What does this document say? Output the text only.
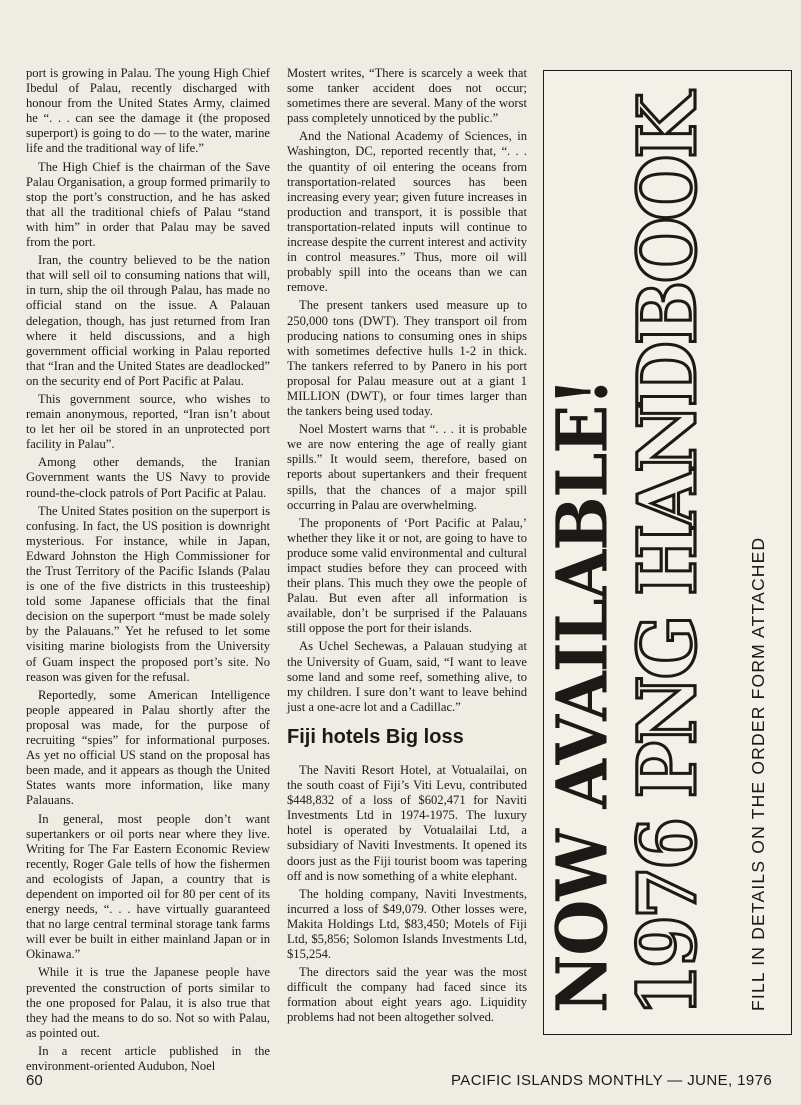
port is growing in Palau. The young High Chief Ibedul of Palau, recently discharged with honour from the United States Army, claimed he “. . . can see the damage it (the proposed superport) is going to do — to the water, marine life and the traditional way of life.”

The High Chief is the chairman of the Save Palau Organisation, a group formed primarily to stop the port’s construction, and he has asked that all the traditional chiefs of Palau “stand with him” in order that Palau may be saved from the port.

Iran, the country believed to be the nation that will sell oil to consuming nations that will, in turn, ship the oil through Palau, has made no official stand on the issue. A Palauan delegation, though, has just returned from Iran where it held discussions, and a high government official working in Palau reported that “Iran and the United States are deadlocked” on the security end of Port Pacific at Palau.

This government source, who wishes to remain anonymous, reported, “Iran isn’t about to let her oil be stored in an unprotected port facility in Palau”.

Among other demands, the Iranian Government wants the US Navy to provide round-the-clock patrols of Port Pacific at Palau.

The United States position on the superport is confusing. In fact, the US position is downright mysterious. For instance, while in Japan, Edward Johnston the High Commissioner for the Trust Territory of the Pacific Islands (Palau is one of the five districts in this trusteeship) told some Japanese officials that the final decision on the superport “must be made solely by the Palauans.” Yet he refused to let some visiting marine biologists from the University of Guam inspect the proposed port’s site. No reason was given for the refusal.

Reportedly, some American Intelligence people appeared in Palau shortly after the proposal was made, for the purpose of recruiting “spies” for informational purposes. As yet no official US stand on the proposal has been made, and it appears as though the United States wants more information, like many Palauans.

In general, most people don’t want supertankers or oil ports near where they live. Writing for The Far Eastern Economic Review recently, Roger Gale tells of how the fishermen and ecologists of Japan, a country that is dependent on imported oil for 80 per cent of its energy needs, “. . . have virtually guaranteed that no large central terminal storage tank farms will ever be built in either mainland Japan or in Okinawa.”

While it is true the Japanese people have prevented the construction of ports similar to the one proposed for Palau, it is also true that they had the means to do so. Not so with Palau, as pointed out.

In a recent article published in the environment-oriented Audubon, Noel

Mostert writes, “There is scarcely a week that some tanker accident does not occur; sometimes there are several. Many of the worst pass completely unnoticed by the public.”

And the National Academy of Sciences, in Washington, DC, reported recently that, “. . . the quantity of oil entering the oceans from transportation-related sources has been increasing every year; given future increases in production and transport, it is possible that transportation-related inputs will continue to increase despite the current interest and activity in control measures.” Thus, more oil will probably spill into the oceans than we can remove.

The present tankers used measure up to 250,000 tons (DWT). They transport oil from producing nations to consuming ones in ships with sometimes defective hulls 1-2 in thick. The tankers referred to by Panero in his port proposal for Palau measure out at a giant 1 MILLION (DWT), or four times larger than the tankers being used today.

Noel Mostert warns that “. . . it is probable we are now entering the age of really giant spills.” It would seem, therefore, based on reports about supertankers and their frequent spills, that the chances of a major spill occurring in Palau are overwhelming.

The proponents of ‘Port Pacific at Palau,’ whether they like it or not, are going to have to produce some valid environmental and cultural impact studies before they can proceed with their plans. This much they owe the people of Palau. But even after all information is available, don’t be surprised if the Palauans still oppose the port for their islands.

As Uchel Sechewas, a Palauan studying at the University of Guam, said, “I want to leave some land and some reef, something alive, to my children. I sure don’t want to leave behind just a one-acre lot and a Cadillac.”

Fiji hotels Big loss

The Naviti Resort Hotel, at Votualailai, on the south coast of Fiji’s Viti Levu, contributed $448,832 of a loss of $602,471 for Naviti Investments Ltd in 1974-1975. The luxury hotel is operated by Votualailai Ltd, a subsidiary of Naviti Investments. It opened its doors just as the Fiji tourist boom was tapering off and is now something of a white elephant.

The holding company, Naviti Investments, incurred a loss of $49,079. Other losses were, Makita Holdings Ltd, $83,450; Motels of Fiji Ltd, $5,856; Solomon Islands Investments Ltd, $15,254.

The directors said the year was the most difficult the company had faced since its formation about eight years ago. Liquidity problems had not been altogether solved.

NOW AVAILABLE!
1976 PNG HANDBOOK FILL IN DETAILS ON THE ORDER FORM ATTACHED
60	PACIFIC ISLANDS MONTHLY — JUNE, 1976
